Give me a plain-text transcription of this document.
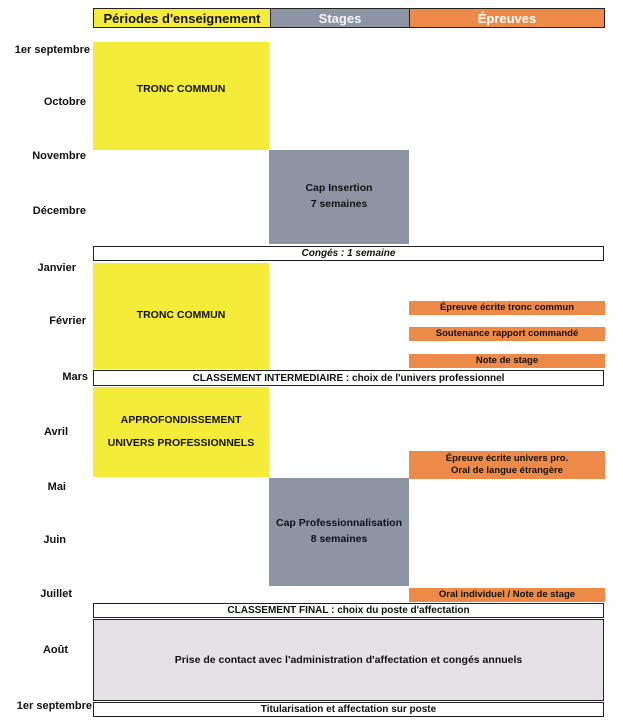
Périodes d'enseignement	Stages	Épreuves
1er septembre
Octobre
Novembre
Décembre
Janvier
Février
Mars
Avril
Mai
Juin
Juillet
Août
1er septembre
TRONC COMMUN
TRONC COMMUN
APPROFONDISSEMENT
UNIVERS PROFESSIONNELS
Cap Insertion
7 semaines
Cap Professionnalisation
8 semaines
Congés : 1 semaine
CLASSEMENT INTERMEDIAIRE : choix de l'univers professionnel
CLASSEMENT FINAL : choix du poste d'affectation
Prise de contact avec l'administration d'affectation et congés annuels
Titularisation et affectation sur poste
Épreuve écrite tronc commun
Soutenance rapport commandé
Note de stage
Épreuve écrite univers pro.
Oral de langue étrangère
Oral individuel / Note de stage
